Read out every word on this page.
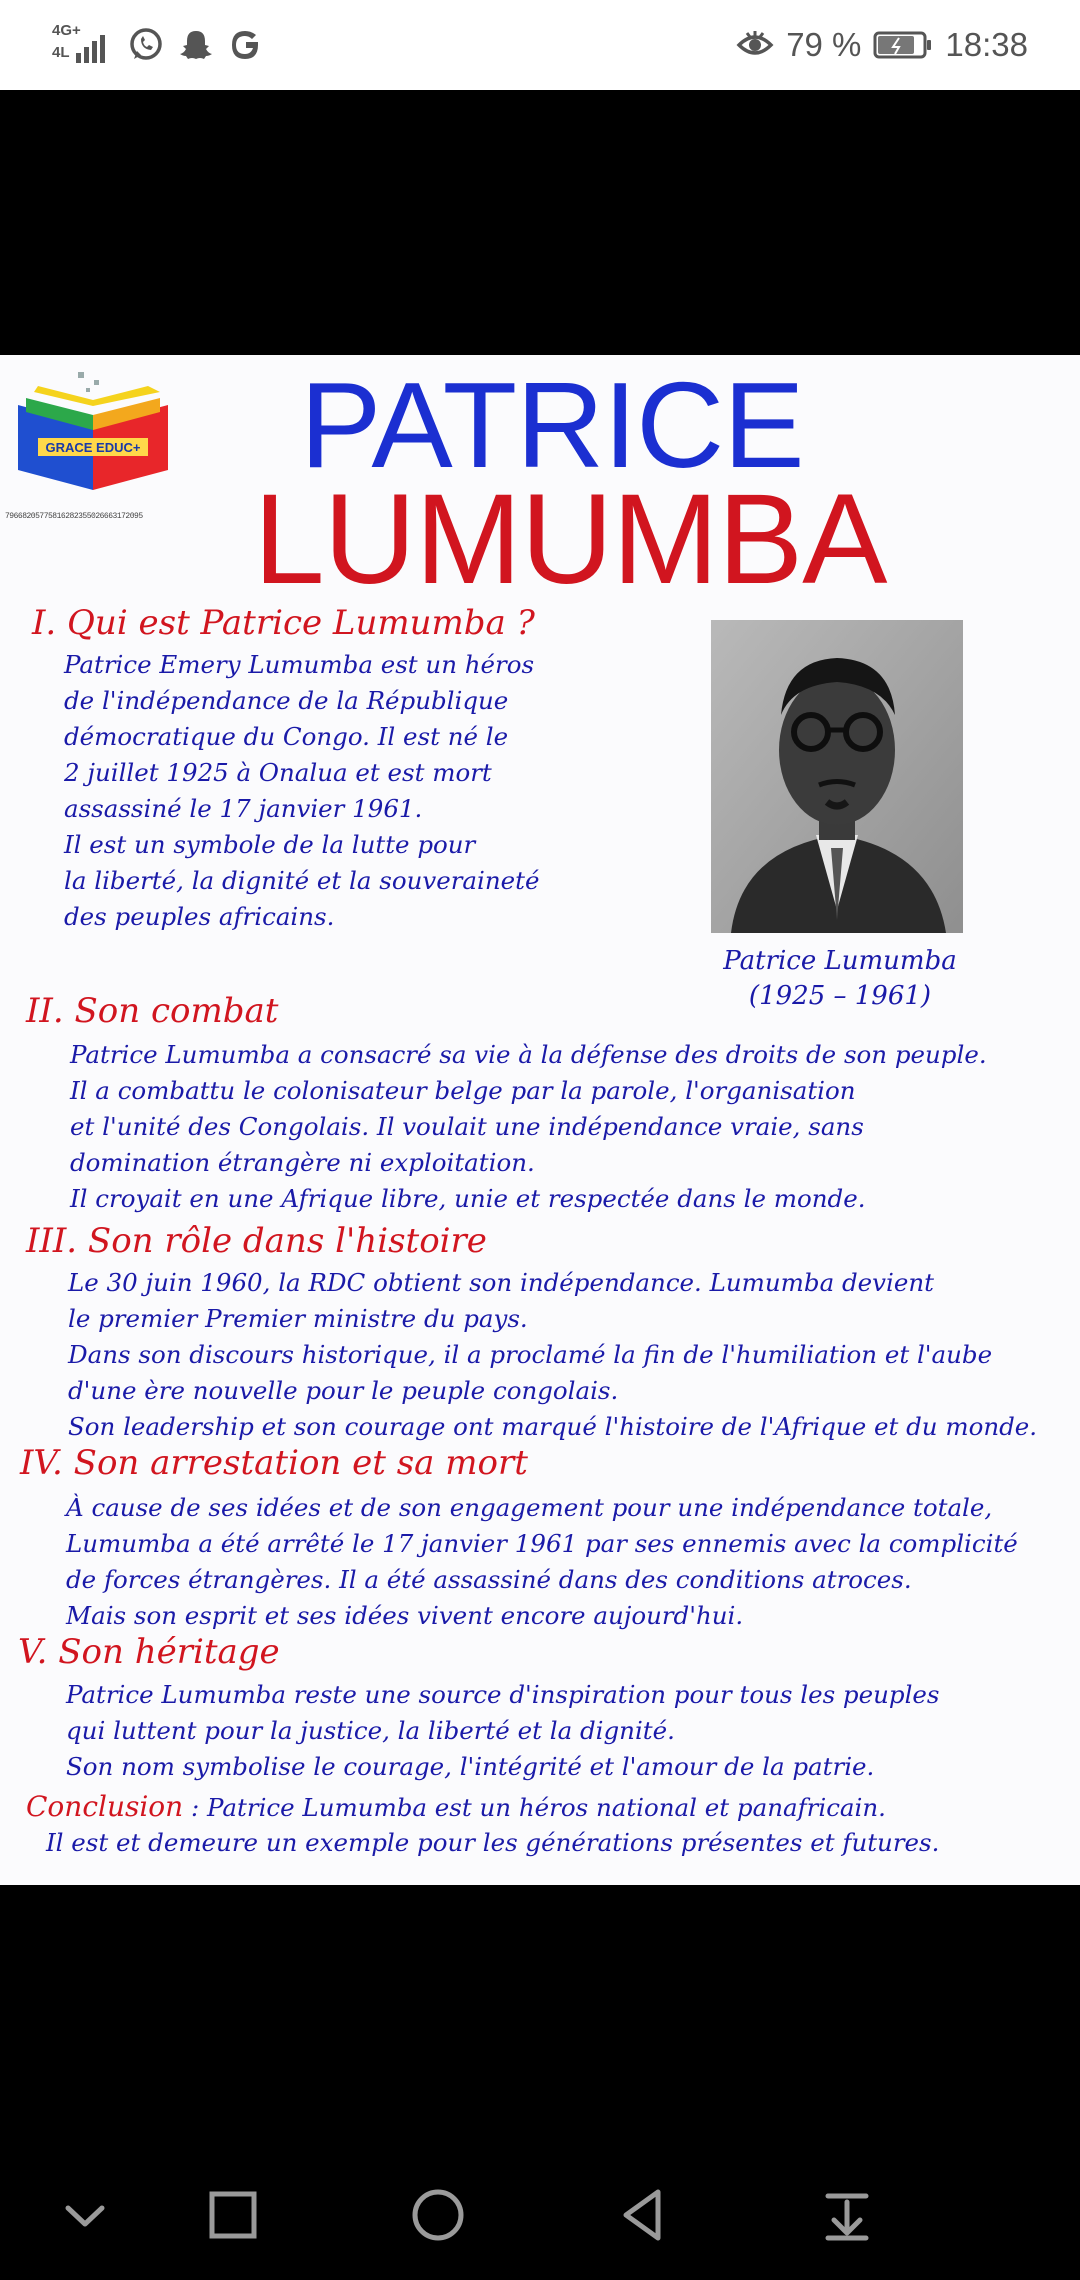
4G+
4L	79 %	18:38
GRACE EDUC+
79668205775816282355026663172095
PATRICE
LUMUMBA
I. Qui est Patrice Lumumba ?
Patrice Emery Lumumba est un héros
de l'indépendance de la République
démocratique du Congo. Il est né le
2 juillet 1925 à Onalua et est mort
assassiné le 17 janvier 1961.
Il est un symbole de la lutte pour
la liberté, la dignité et la souveraineté
des peuples africains.
Patrice Lumumba
(1925 – 1961)
II. Son combat
Patrice Lumumba a consacré sa vie à la défense des droits de son peuple.
Il a combattu le colonisateur belge par la parole, l'organisation
et l'unité des Congolais. Il voulait une indépendance vraie, sans
domination étrangère ni exploitation.
Il croyait en une Afrique libre, unie et respectée dans le monde.
III. Son rôle dans l'histoire
Le 30 juin 1960, la RDC obtient son indépendance. Lumumba devient
le premier Premier ministre du pays.
Dans son discours historique, il a proclamé la fin de l'humiliation et l'aube
d'une ère nouvelle pour le peuple congolais.
Son leadership et son courage ont marqué l'histoire de l'Afrique et du monde.
IV. Son arrestation et sa mort
À cause de ses idées et de son engagement pour une indépendance totale,
Lumumba a été arrêté le 17 janvier 1961 par ses ennemis avec la complicité
de forces étrangères. Il a été assassiné dans des conditions atroces.
Mais son esprit et ses idées vivent encore aujourd'hui.
V. Son héritage
Patrice Lumumba reste une source d'inspiration pour tous les peuples
qui luttent pour la justice, la liberté et la dignité.
Son nom symbolise le courage, l'intégrité et l'amour de la patrie.
Conclusion : Patrice Lumumba est un héros national et panafricain.
Il est et demeure un exemple pour les générations présentes et futures.
